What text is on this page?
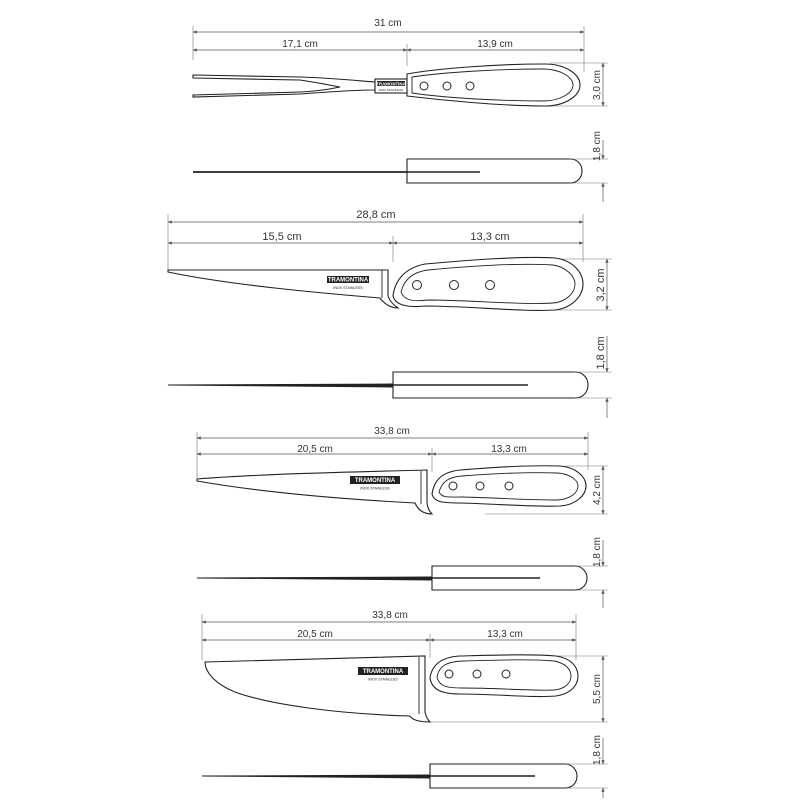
31 cm
17,1 cm	13,9 cm
3,0 cm
TRAMONTINA
INOX STAINLESS
1,8 cm
28,8 cm
15,5 cm	13,3 cm
3,2 cm
TRAMONTINA
INOX STAINLESS
1,8 cm
33,8 cm
20,5 cm	13,3 cm
4,2 cm
TRAMONTINA
INOX STAINLESS
1,8 cm
33,8 cm
20,5 cm	13,3 cm
5,5 cm
TRAMONTINA
INOX STAINLESS
1,8 cm
